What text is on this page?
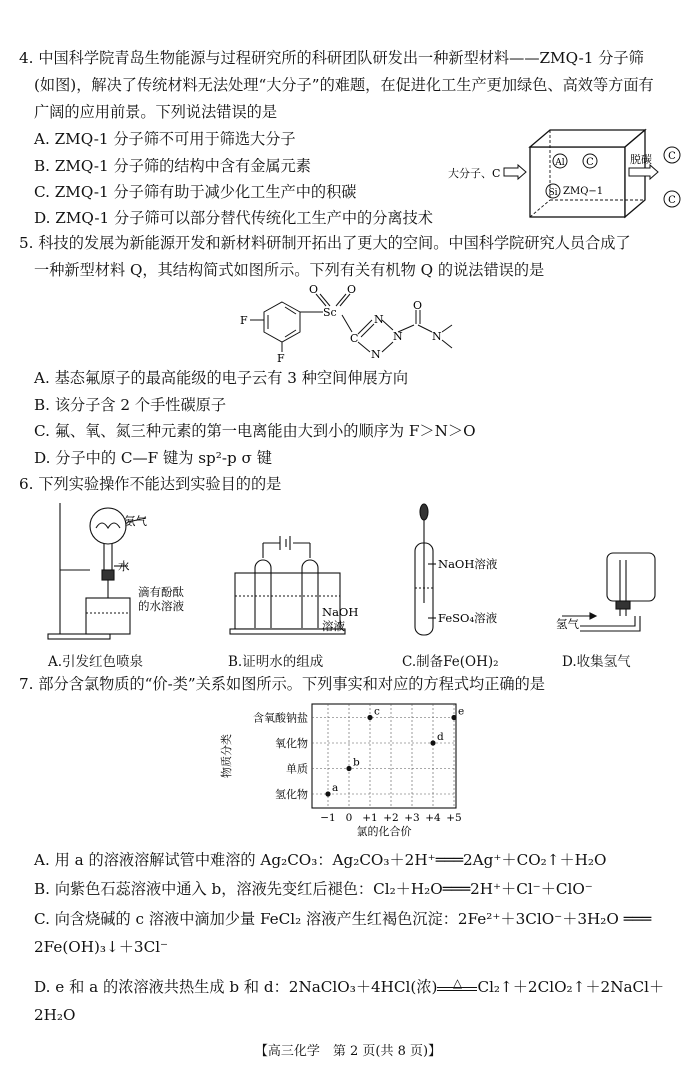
4. 中国科学院青岛生物能源与过程研究所的科研团队研发出一种新型材料——ZMQ-1 分子筛
(如图)，解决了传统材料无法处理“大分子”的难题，在促进化工生产更加绿色、高效等方面有
广阔的应用前景。下列说法错误的是
A. ZMQ-1 分子筛不可用于筛选大分子
B. ZMQ-1 分子筛的结构中含有金属元素
C. ZMQ-1 分子筛有助于减少化工生产中的积碳
D. ZMQ-1 分子筛可以部分替代传统化工生产中的分离技术
Al C
Si ZMQ−1
大分子、C
脱碳 C
C
5. 科技的发展为新能源开发和新材料研制开拓出了更大的空间。中国科学院研究人员合成了
一种新型材料 Q，其结构简式如图所示。下列有关有机物 Q 的说法错误的是
F
F
Sc
O	O
C
N
N
N
O
N
A. 基态氟原子的最高能级的电子云有 3 种空间伸展方向
B. 该分子含 2 个手性碳原子
C. 氟、氧、氮三种元素的第一电离能由大到小的顺序为 F＞N＞O
D. 分子中的 C—F 键为 sp²-p σ 键
6. 下列实验操作不能达到实验目的的是
氨气
水
滴有酚酞
的水溶液	NaOH
溶液
NaOH溶液
FeSO₄溶液	氢气
A.引发红色喷泉	B.证明水的组成	C.制备Fe(OH)₂	D.收集氢气
7. 部分含氯物质的“价-类”关系如图所示。下列事实和对应的方程式均正确的是
−1 0 +1 +2 +3 +4 +5
氢化物
单质
氧化物
含氧酸钠盐
氯的化合价
物质分类
a
b
c
d
e
A. 用 a 的溶液溶解试管中难溶的 Ag₂CO₃：Ag₂CO₃＋2H⁺═══2Ag⁺＋CO₂↑＋H₂O
B. 向紫色石蕊溶液中通入 b，溶液先变红后褪色：Cl₂＋H₂O═══2H⁺＋Cl⁻＋ClO⁻
C. 向含烧碱的 c 溶液中滴加少量 FeCl₂ 溶液产生红褐色沉淀：2Fe²⁺＋3ClO⁻＋3H₂O ═══
2Fe(OH)₃↓＋3Cl⁻
D. e 和 a 的浓溶液共热生成 b 和 d：2NaClO₃＋4HCl(浓)	△	Cl₂↑＋2ClO₂↑＋2NaCl＋
2H₂O
【高三化学　第 2 页(共 8 页)】
